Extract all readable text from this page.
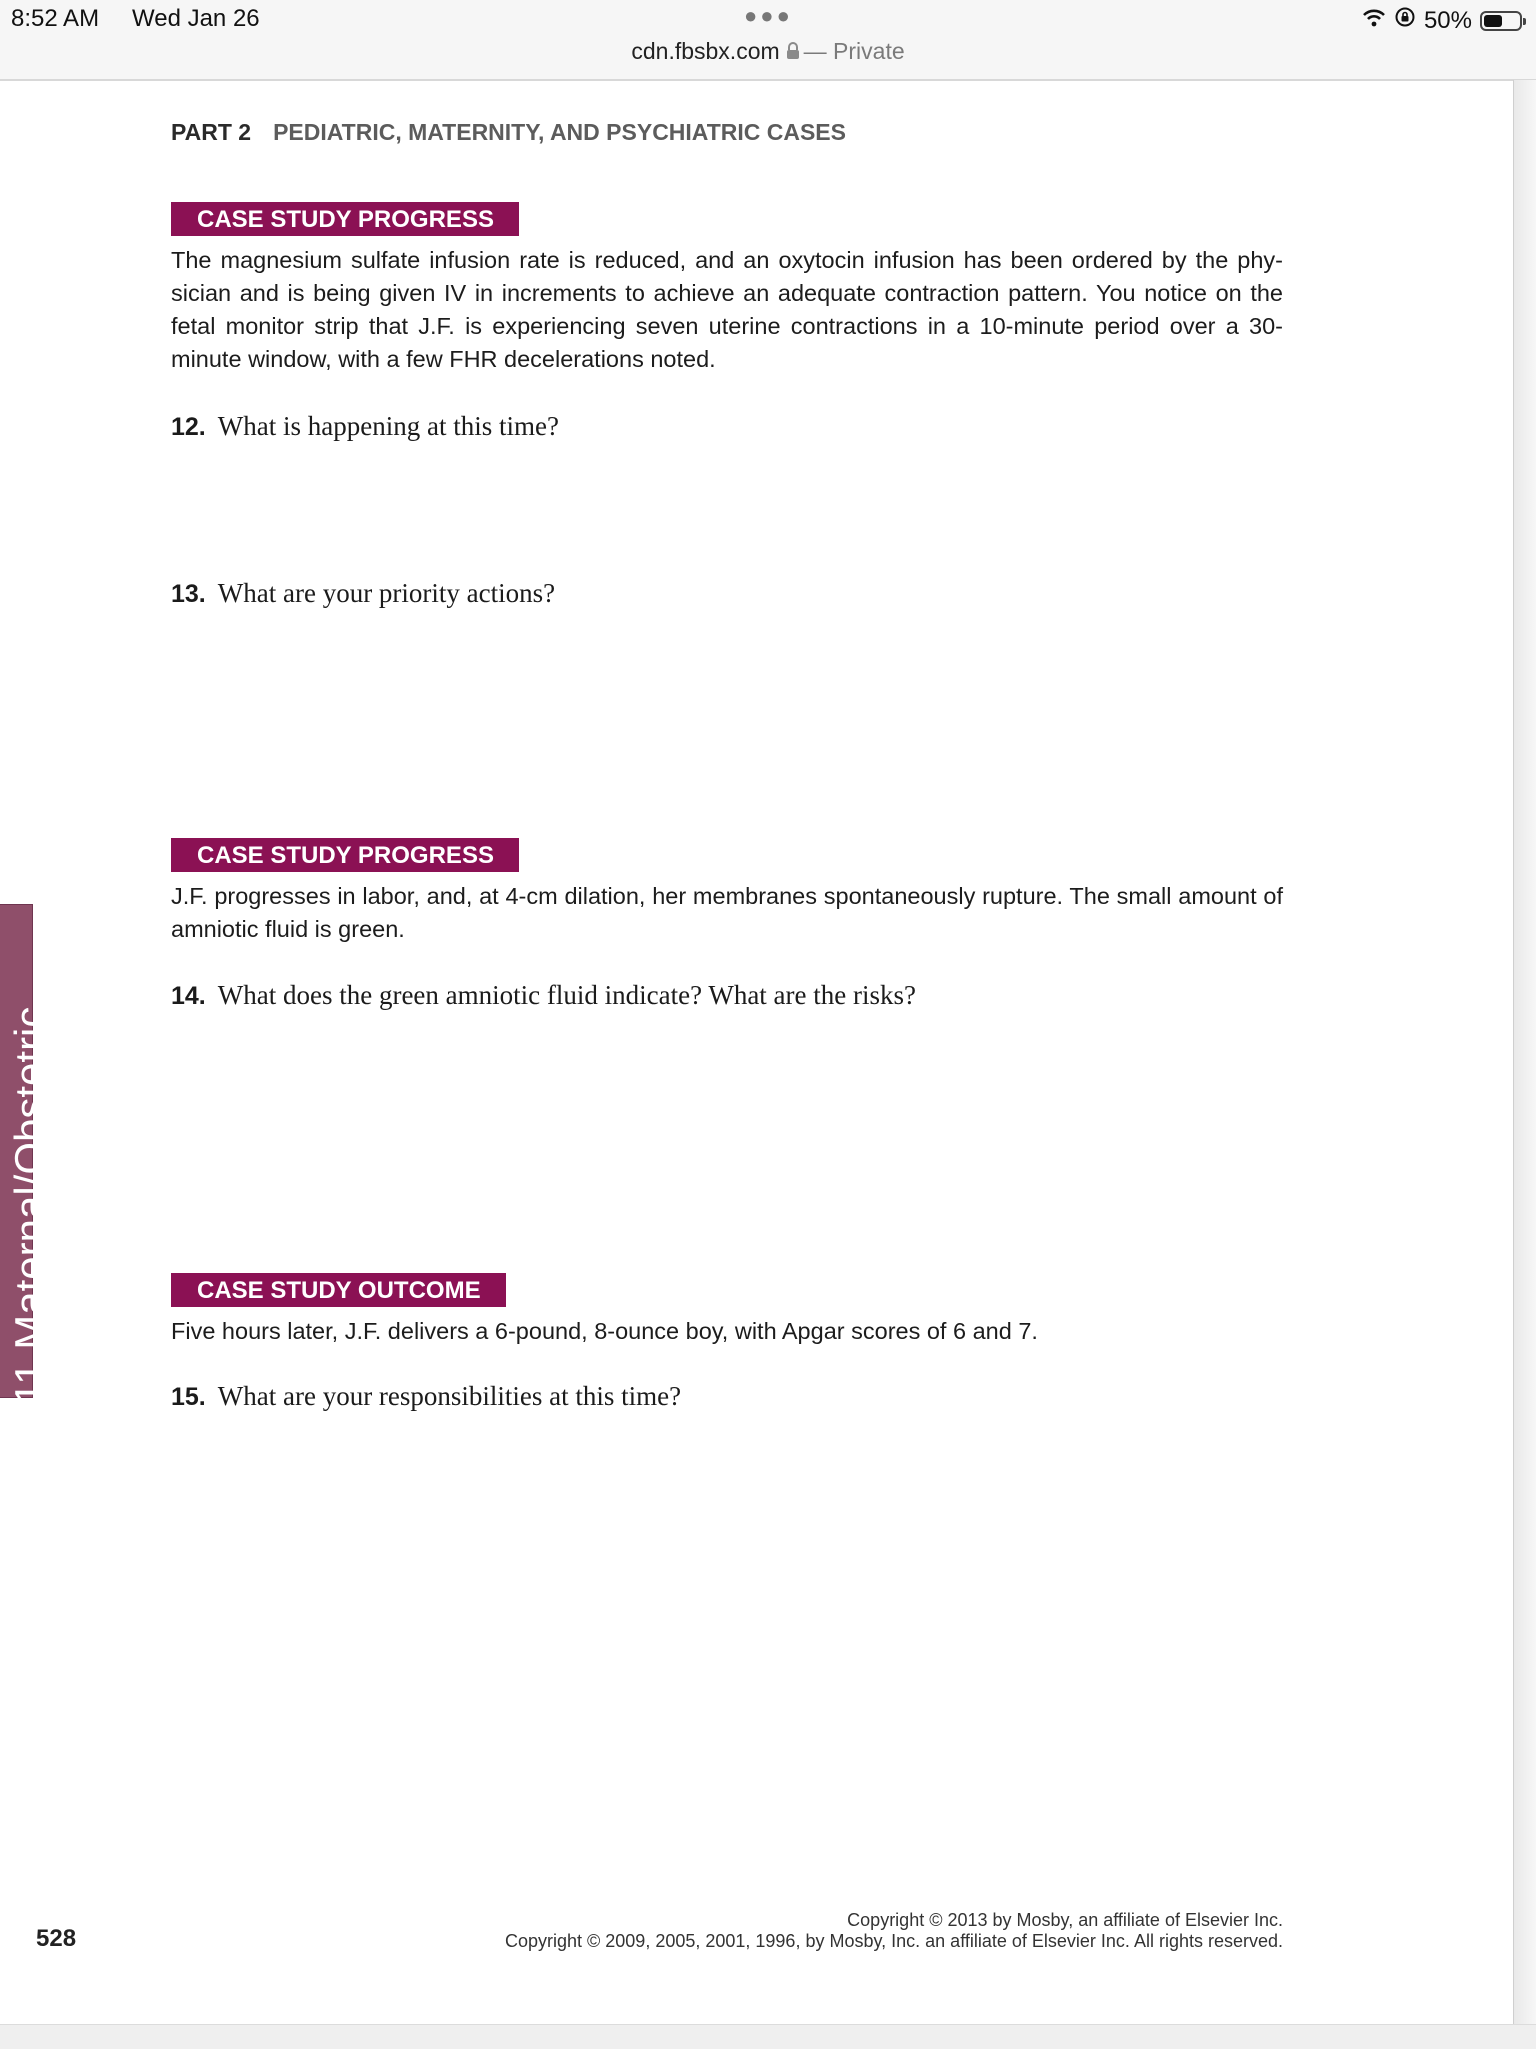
8:52 AM Wed Jan 26	●●●
cdn.fbsbx.com — Private
50%
PART 2 PEDIATRIC, MATERNITY, AND PSYCHIATRIC CASES
CASE STUDY PROGRESS
The magnesium sulfate infusion rate is reduced, and an oxytocin infusion has been ordered by the phy-sician and is being given IV in increments to achieve an adequate contraction pattern. You notice on the fetal monitor strip that J.F. is experiencing seven uterine contractions in a 10-minute period over a 30-minute window, with a few FHR decelerations noted.
12. What is happening at this time?
13. What are your priority actions?
CASE STUDY PROGRESS
J.F. progresses in labor, and, at 4-cm dilation, her membranes spontaneously rupture. The small amount of amniotic fluid is green.
14. What does the green amniotic fluid indicate? What are the risks?
CASE STUDY OUTCOME
Five hours later, J.F. delivers a 6-pound, 8-ounce boy, with Apgar scores of 6 and 7.
15. What are your responsibilities at this time?
11 Maternal/Obstetric
528
Copyright © 2013 by Mosby, an affiliate of Elsevier Inc.
Copyright © 2009, 2005, 2001, 1996, by Mosby, Inc. an affiliate of Elsevier Inc. All rights reserved.
